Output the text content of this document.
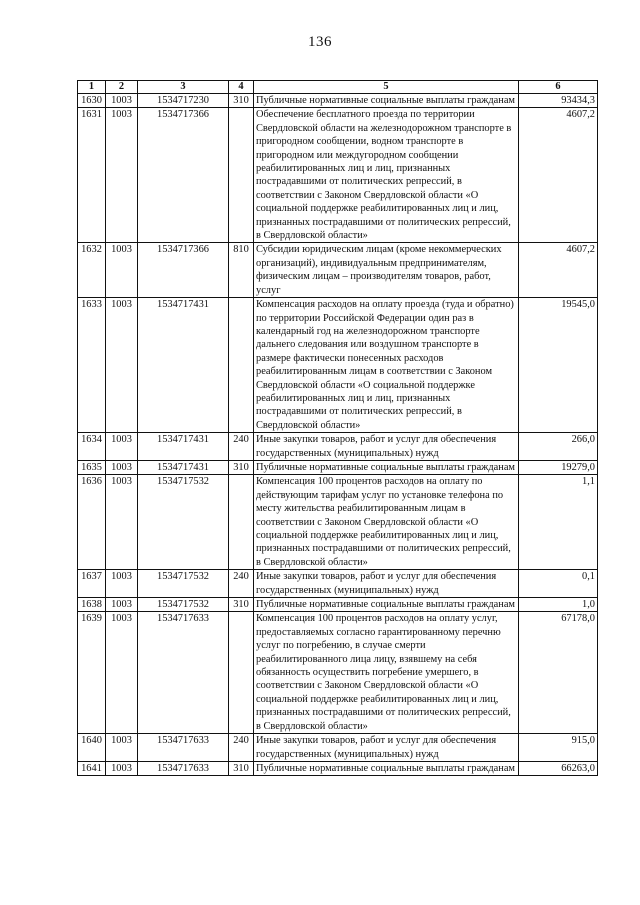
136
1	2	3	4	5	6
1630	1003	1534717230	310	Публичные нормативные социальные выплаты гражданам	93434,3
1631	1003	1534717366		Обеспечение бесплатного проезда по территории Свердловской области на железнодорожном транспорте в пригородном сообщении, водном транспорте в пригородном или междугородном сообщении реабилитированных лиц и лиц, признанных пострадавшими от политических репрессий, в соответствии с Законом Свердловской области «О социальной поддержке реабилитированных лиц и лиц, признанных пострадавшими от политических репрессий, в Свердловской области»	4607,2
1632	1003	1534717366	810	Субсидии юридическим лицам (кроме некоммерческих организаций), индивидуальным предпринимателям, физическим лицам – производителям товаров, работ, услуг	4607,2
1633	1003	1534717431		Компенсация расходов на оплату проезда (туда и обратно) по территории Российской Федерации один раз в календарный год на железнодорожном транспорте дальнего следования или воздушном транспорте в размере фактически понесенных расходов реабилитированным лицам в соответствии с Законом Свердловской области «О социальной поддержке реабилитированных лиц и лиц, признанных пострадавшими от политических репрессий, в Свердловской области»	19545,0
1634	1003	1534717431	240	Иные закупки товаров, работ и услуг для обеспечения государственных (муниципальных) нужд	266,0
1635	1003	1534717431	310	Публичные нормативные социальные выплаты гражданам	19279,0
1636	1003	1534717532		Компенсация 100 процентов расходов на оплату по действующим тарифам услуг по установке телефона по месту жительства реабилитированным лицам в соответствии с Законом Свердловской области «О социальной поддержке реабилитированных лиц и лиц, признанных пострадавшими от политических репрессий, в Свердловской области»	1,1
1637	1003	1534717532	240	Иные закупки товаров, работ и услуг для обеспечения государственных (муниципальных) нужд	0,1
1638	1003	1534717532	310	Публичные нормативные социальные выплаты гражданам	1,0
1639	1003	1534717633		Компенсация 100 процентов расходов на оплату услуг, предоставляемых согласно гарантированному перечню услуг по погребению, в случае смерти реабилитированного лица лицу, взявшему на себя обязанность осуществить погребение умершего, в соответствии с Законом Свердловской области «О социальной поддержке реабилитированных лиц и лиц, признанных пострадавшими от политических репрессий, в Свердловской области»	67178,0
1640	1003	1534717633	240	Иные закупки товаров, работ и услуг для обеспечения государственных (муниципальных) нужд	915,0
1641	1003	1534717633	310	Публичные нормативные социальные выплаты гражданам	66263,0
